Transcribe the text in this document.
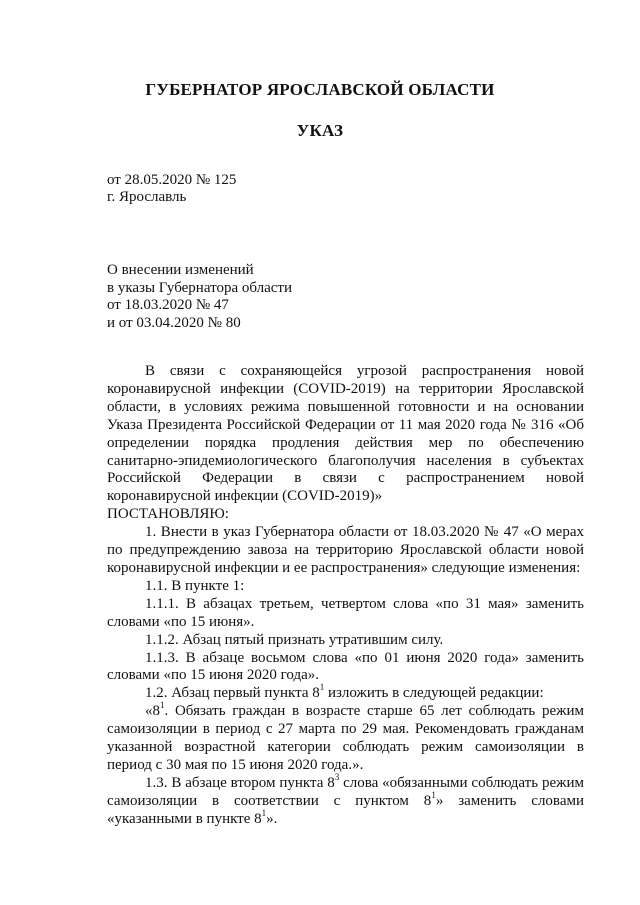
ГУБЕРНАТОР ЯРОСЛАВСКОЙ ОБЛАСТИ
УКАЗ
от 28.05.2020 № 125
г. Ярославль
О внесении изменений
в указы Губернатора области
от 18.03.2020 № 47
и от 03.04.2020 № 80

В связи с сохраняющейся угрозой распространения новой коронавирусной инфекции (COVID-2019) на территории Ярославской области, в условиях режима повышенной готовности и на основании Указа Президента Российской Федерации от 11 мая 2020 года № 316 «Об определении порядка продления действия мер по обеспечению санитарно-эпидемиологического благополучия населения в субъектах Российской Федерации в связи с распространением новой коронавирусной инфекции (COVID-2019)»

ПОСТАНОВЛЯЮ:

1. Внести в указ Губернатора области от 18.03.2020 № 47 «О мерах по предупреждению завоза на территорию Ярославской области новой коронавирусной инфекции и ее распространения» следующие изменения:

1.1. В пункте 1:

1.1.1. В абзацах третьем, четвертом слова «по 31 мая» заменить словами «по 15 июня».

1.1.2. Абзац пятый признать утратившим силу.

1.1.3. В абзаце восьмом слова «по 01 июня 2020 года» заменить словами «по 15 июня 2020 года».

1.2. Абзац первый пункта $8^1$ изложить в следующей редакции:

«$8^1$. Обязать граждан в возрасте старше 65 лет соблюдать режим самоизоляции в период с 27 марта по 29 мая. Рекомендовать гражданам указанной возрастной категории соблюдать режим самоизоляции в период с 30 мая по 15 июня 2020 года.».

1.3. В абзаце втором пункта $8^3$ слова «обязанными соблюдать режим самоизоляции в соответствии с пунктом $8^1$» заменить словами «указанными в пункте $8^1$».
